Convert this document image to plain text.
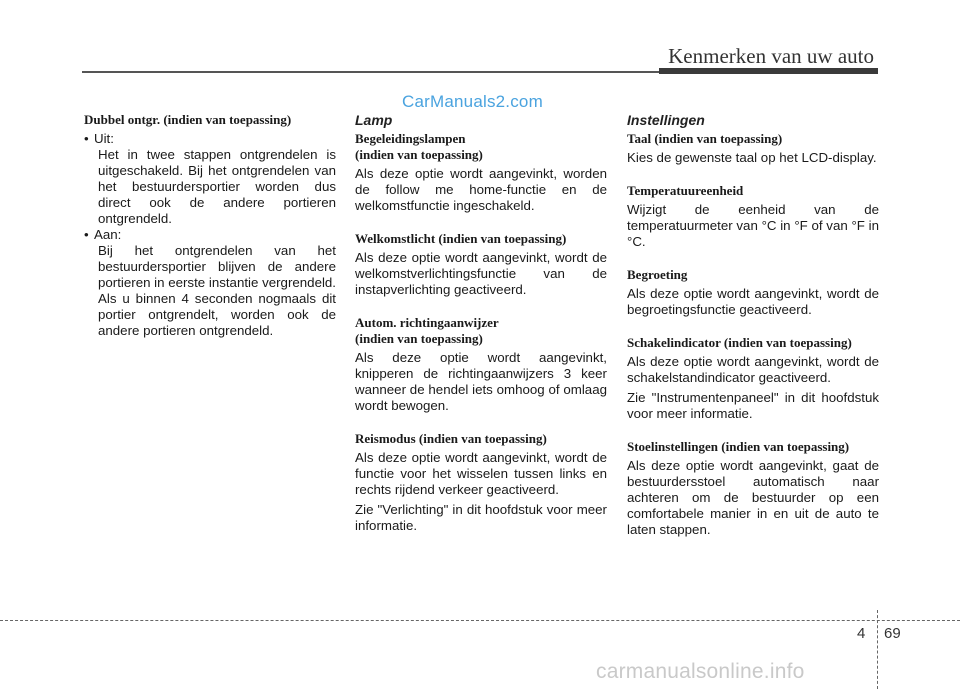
Kenmerken van uw auto
CarManuals2.com
Dubbel ontgr. (indien van toepassing)
• Uit:

Het in twee stappen ontgrendelen is uitgeschakeld. Bij het ontgrendelen van het bestuurdersportier worden dus direct ook de andere portieren ontgrendeld.

• Aan:

Bij het ontgrendelen van het bestuurdersportier blijven de andere portieren in eerste instantie vergrendeld. Als u binnen 4 seconden nogmaals dit portier ontgrendelt, worden ook de andere portieren ontgrendeld.

Lamp
Begeleidingslampen
(indien van toepassing)

Als deze optie wordt aangevinkt, worden de follow me home-functie en de welkomstfunctie ingeschakeld.

Welkomstlicht (indien van toepassing)

Als deze optie wordt aangevinkt, wordt de welkomstverlichtingsfunctie van de instapverlichting geactiveerd.

Autom. richtingaanwijzer
(indien van toepassing)

Als deze optie wordt aangevinkt, knipperen de richtingaanwijzers 3 keer wanneer de hendel iets omhoog of omlaag wordt bewogen.

Reismodus (indien van toepassing)

Als deze optie wordt aangevinkt, wordt de functie voor het wisselen tussen links en rechts rijdend verkeer geactiveerd.

Zie "Verlichting" in dit hoofdstuk voor meer informatie.

Instellingen
Taal (indien van toepassing)

Kies de gewenste taal op het LCD-display.

Temperatuureenheid

Wijzigt de eenheid van de temperatuurmeter van °C in °F of van °F in °C.

Begroeting

Als deze optie wordt aangevinkt, wordt de begroetingsfunctie geactiveerd.

Schakelindicator (indien van toepassing)

Als deze optie wordt aangevinkt, wordt de schakelstandindicator geactiveerd.

Zie "Instrumentenpaneel" in dit hoofdstuk voor meer informatie.

Stoelinstellingen (indien van toepassing)

Als deze optie wordt aangevinkt, gaat de bestuurdersstoel automatisch naar achteren om de bestuurder op een comfortabele manier in en uit de auto te laten stappen.

4 69
carmanualsonline.info
